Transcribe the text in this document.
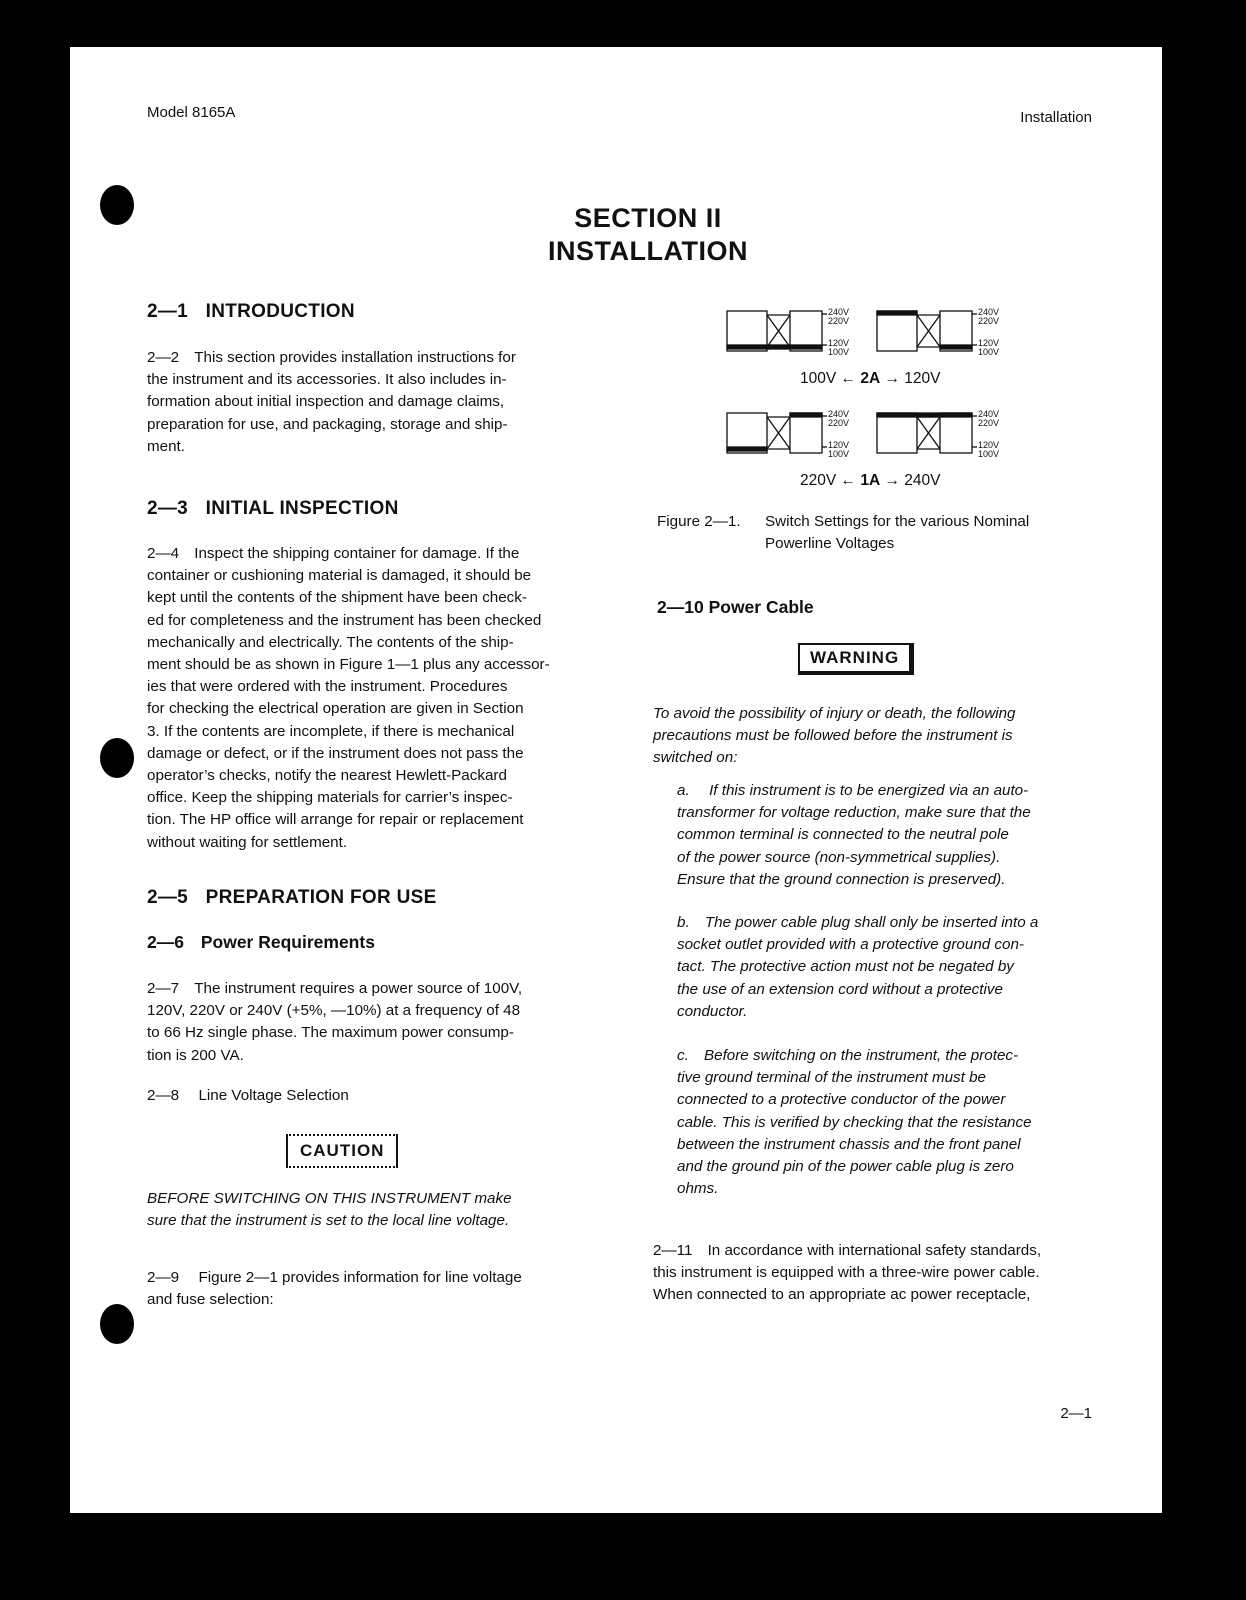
Model 8165A	Installation
SECTION II
INSTALLATION
2—1 INTRODUCTION
2—2 This section provides installation instructions for
the instrument and its accessories. It also includes in-
formation about initial inspection and damage claims,
preparation for use, and packaging, storage and ship-
ment.
2—3 INITIAL INSPECTION
2—4 Inspect the shipping container for damage. If the
container or cushioning material is damaged, it should be
kept until the contents of the shipment have been check-
ed for completeness and the instrument has been checked
mechanically and electrically. The contents of the ship-
ment should be as shown in Figure 1—1 plus any accessor-
ies that were ordered with the instrument. Procedures
for checking the electrical operation are given in Section
3. If the contents are incomplete, if there is mechanical
damage or defect, or if the instrument does not pass the
operator’s checks, notify the nearest Hewlett-Packard
office. Keep the shipping materials for carrier’s inspec-
tion. The HP office will arrange for repair or replacement
without waiting for settlement.
2—5 PREPARATION FOR USE
2—6 Power Requirements
2—7 The instrument requires a power source of 100V,
120V, 220V or 240V (+5%, —10%) at a frequency of 48
to 66 Hz single phase. The maximum power consump-
tion is 200 VA.
2—8  Line Voltage Selection
CAUTION
BEFORE SWITCHING ON THIS INSTRUMENT make
sure that the instrument is set to the local line voltage.
2—9  Figure 2—1 provides information for line voltage
and fuse selection:
240V
220V
120V
100V
240V
220V
120V
100V
240V
220V
120V
100V
240V
220V
120V
100V
100V ← 2A → 120V
220V ← 1A → 240V
Figure 2—1. Switch Settings for the various Nominal
Powerline Voltages
2—10 Power Cable
WARNING
To avoid the possibility of injury or death, the following
precautions must be followed before the instrument is
switched on:
a.  If this instrument is to be energized via an auto-
transformer for voltage reduction, make sure that the
common terminal is connected to the neutral pole
of the power source (non-symmetrical supplies).
Ensure that the ground connection is preserved).
b. The power cable plug shall only be inserted into a
socket outlet provided with a protective ground con-
tact. The protective action must not be negated by
the use of an extension cord without a protective
conductor.
c. Before switching on the instrument, the protec-
tive ground terminal of the instrument must be
connected to a protective conductor of the power
cable. This is verified by checking that the resistance
between the instrument chassis and the front panel
and the ground pin of the power cable plug is zero
ohms.
2—11 In accordance with international safety standards,
this instrument is equipped with a three-wire power cable.
When connected to an appropriate ac power receptacle,
2—1
